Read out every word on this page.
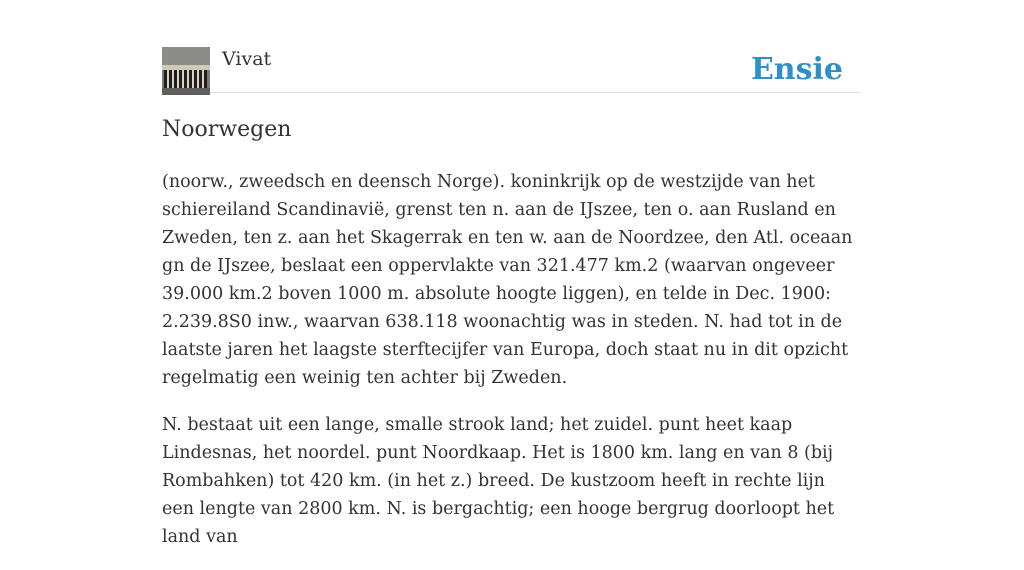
Vivat	Ensie
Noorwegen

(noorw., zweedsch en deensch Norge). koninkrijk op de westzijde van het schiereiland Scandinavië, grenst ten n. aan de IJszee, ten o. aan Rusland en Zweden, ten z. aan het Skagerrak en ten w. aan de Noordzee, den Atl. oceaan gn de IJszee, beslaat een oppervlakte van 321.477 km.2 (waarvan ongeveer 39.000 km.2 boven 1000 m. absolute hoogte liggen), en telde in Dec. 1900: 2.239.8S0 inw., waarvan 638.118 woonachtig was in steden. N. had tot in de laatste jaren het laagste sterftecijfer van Europa, doch staat nu in dit opzicht regelmatig een weinig ten achter bij Zweden.

N. bestaat uit een lange, smalle strook land; het zuidel. punt heet kaap Lindesnas, het noordel. punt Noordkaap. Het is 1800 km. lang en van 8 (bij Rombahken) tot 420 km. (in het z.) breed. De kustzoom heeft in rechte lijn een lengte van 2800 km. N. is bergachtig; een hooge bergrug doorloopt het land van
